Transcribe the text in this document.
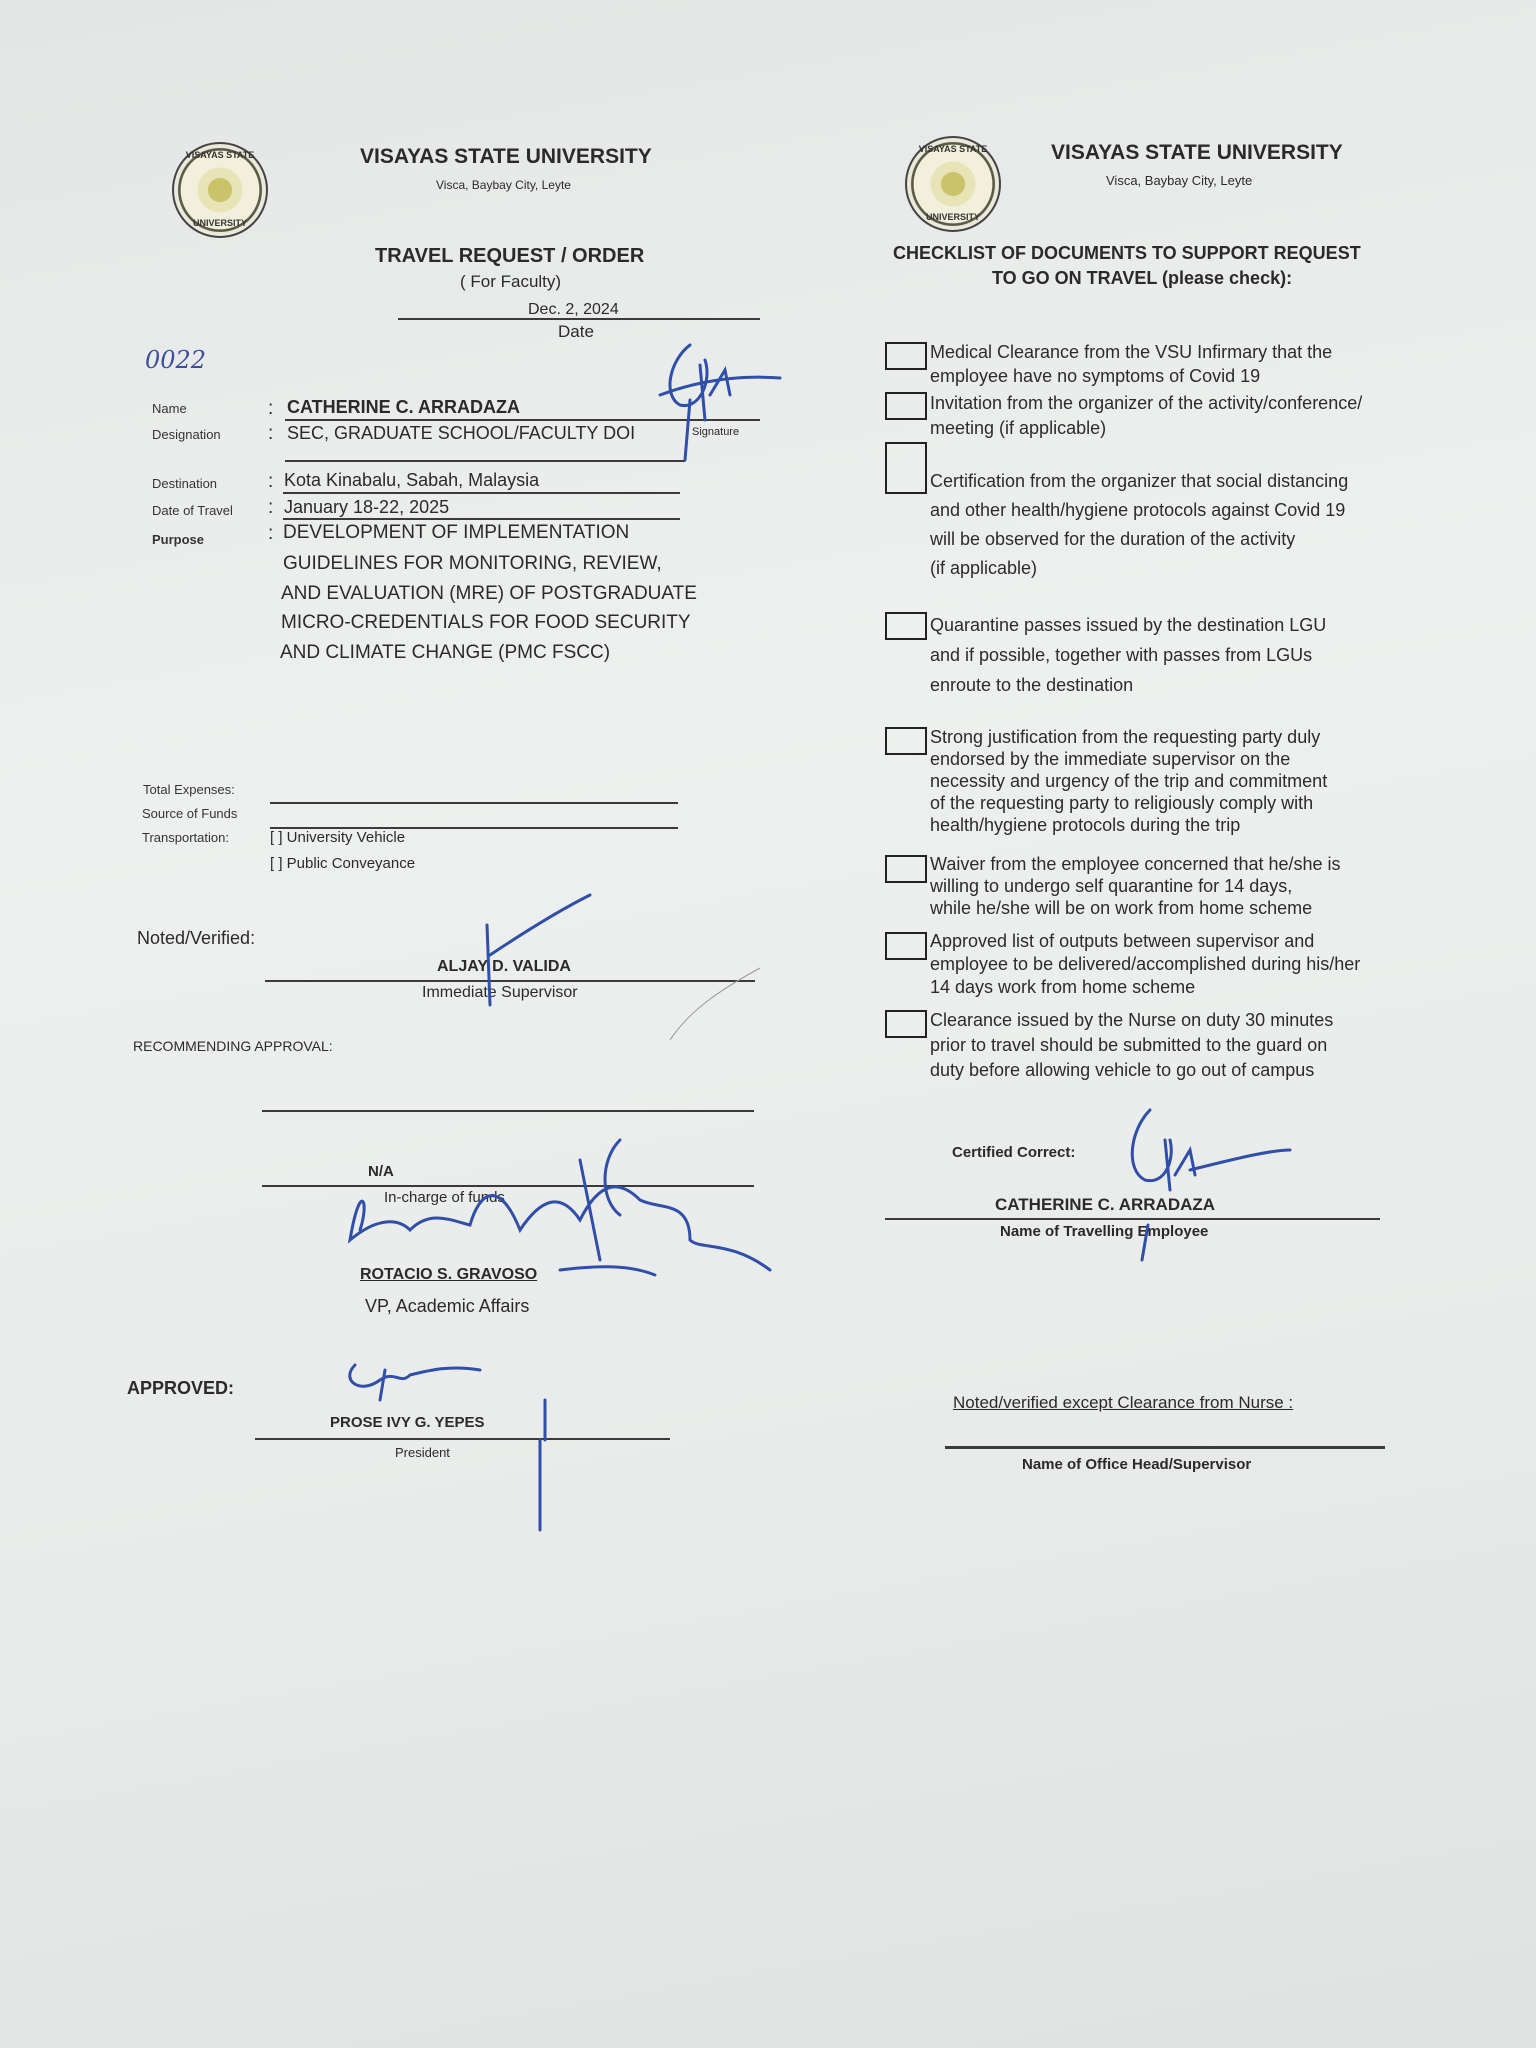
VISAYAS STATE
UNIVERSITY
VISAYAS STATE UNIVERSITY
Visca, Baybay City, Leyte
TRAVEL REQUEST / ORDER
( For Faculty)
Dec. 2, 2024
Date
0022
Name	: CATHERINE C. ARRADAZA
Designation : SEC, GRADUATE SCHOOL/FACULTY DOI	Signature
Destination	: Kota Kinabalu, Sabah, Malaysia
Date of Travel : January 18-22, 2025
Purpose	: DEVELOPMENT OF IMPLEMENTATION
GUIDELINES FOR MONITORING, REVIEW,
AND EVALUATION (MRE) OF POSTGRADUATE
MICRO-CREDENTIALS FOR FOOD SECURITY
AND CLIMATE CHANGE (PMC FSCC)
Total Expenses:
Source of Funds
Transportation:	[ ] University Vehicle
[ ] Public Conveyance
Noted/Verified:
ALJAY D. VALIDA
Immediate Supervisor
RECOMMENDING APPROVAL:
N/A
In-charge of funds
ROTACIO S. GRAVOSO
VP, Academic Affairs
APPROVED:
PROSE IVY G. YEPES
President
VISAYAS STATE
UNIVERSITY
VISAYAS STATE UNIVERSITY
Visca, Baybay City, Leyte
CHECKLIST OF DOCUMENTS TO SUPPORT REQUEST
TO GO ON TRAVEL (please check):
Medical Clearance from the VSU Infirmary that the
employee have no symptoms of Covid 19
Invitation from the organizer of the activity/conference/
meeting (if applicable)
Certification from the organizer that social distancing
and other health/hygiene protocols against Covid 19
will be observed for the duration of the activity
(if applicable)
Quarantine passes issued by the destination LGU
and if possible, together with passes from LGUs
enroute to the destination
Strong justification from the requesting party duly
endorsed by the immediate supervisor on the
necessity and urgency of the trip and commitment
of the requesting party to religiously comply with
health/hygiene protocols during the trip
Waiver from the employee concerned that he/she is
willing to undergo self quarantine for 14 days,
while he/she will be on work from home scheme
Approved list of outputs between supervisor and
employee to be delivered/accomplished during his/her
14 days work from home scheme
Clearance issued by the Nurse on duty 30 minutes
prior to travel should be submitted to the guard on
duty before allowing vehicle to go out of campus
Certified Correct:
CATHERINE C. ARRADAZA
Name of Travelling Employee
Noted/verified except Clearance from Nurse :
Name of Office Head/Supervisor
